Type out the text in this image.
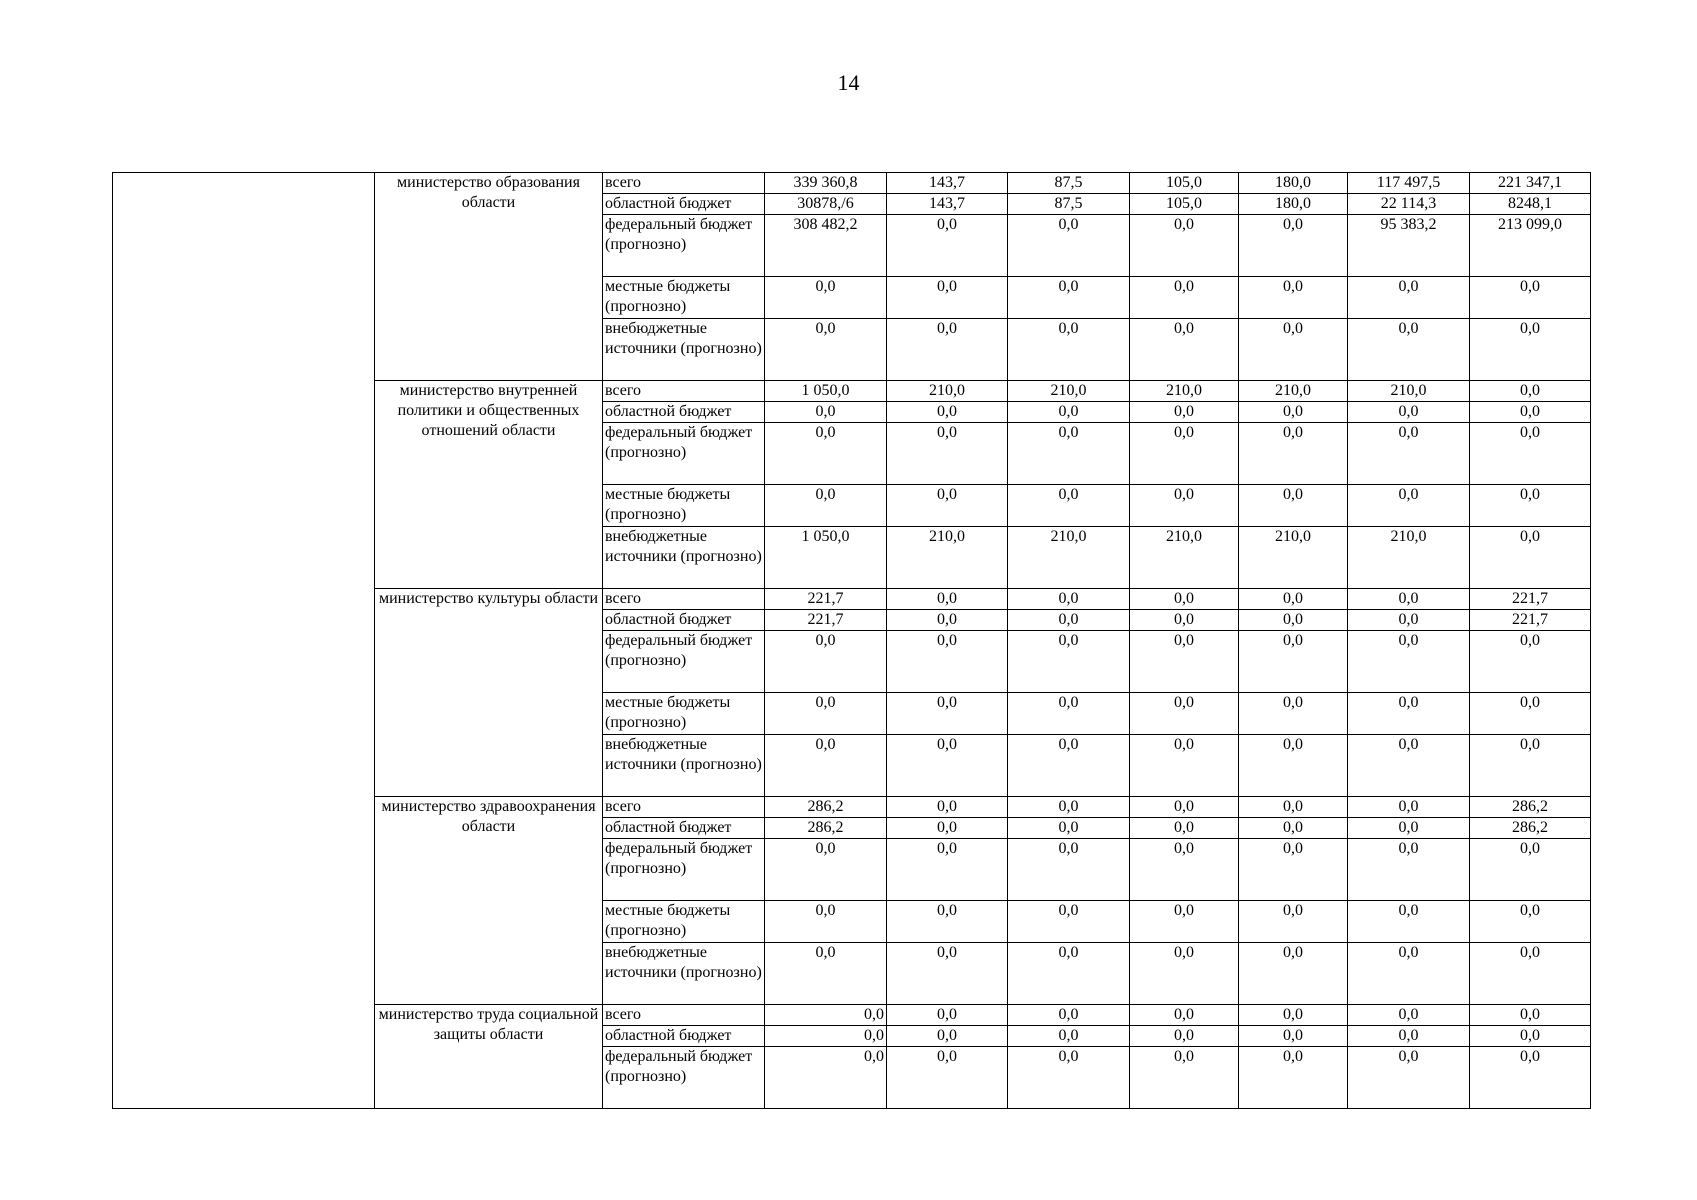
14
	министерство образования области	всего	339 360,8	143,7	87,5	105,0	180,0	117 497,5	221 347,1
		областной бюджет	30878,/6	143,7	87,5	105,0	180,0	22 114,3	8248,1
		федеральный бюджет (прогнозно)	308 482,2	0,0	0,0	0,0	0,0	95 383,2	213 099,0
		местные бюджеты (прогнозно)	0,0	0,0	0,0	0,0	0,0	0,0	0,0
		внебюджетные источники (прогнозно)	0,0	0,0	0,0	0,0	0,0	0,0	0,0
	министерство внутренней политики и общественных отношений области	всего	1 050,0	210,0	210,0	210,0	210,0	210,0	0,0
		областной бюджет	0,0	0,0	0,0	0,0	0,0	0,0	0,0
		федеральный бюджет (прогнозно)	0,0	0,0	0,0	0,0	0,0	0,0	0,0
		местные бюджеты (прогнозно)	0,0	0,0	0,0	0,0	0,0	0,0	0,0
		внебюджетные источники (прогнозно)	1 050,0	210,0	210,0	210,0	210,0	210,0	0,0
	министерство культуры области	всего	221,7	0,0	0,0	0,0	0,0	0,0	221,7
		областной бюджет	221,7	0,0	0,0	0,0	0,0	0,0	221,7
		федеральный бюджет (прогнозно)	0,0	0,0	0,0	0,0	0,0	0,0	0,0
		местные бюджеты (прогнозно)	0,0	0,0	0,0	0,0	0,0	0,0	0,0
		внебюджетные источники (прогнозно)	0,0	0,0	0,0	0,0	0,0	0,0	0,0
	министерство здравоохранения области	всего	286,2	0,0	0,0	0,0	0,0	0,0	286,2
		областной бюджет	286,2	0,0	0,0	0,0	0,0	0,0	286,2
		федеральный бюджет (прогнозно)	0,0	0,0	0,0	0,0	0,0	0,0	0,0
		местные бюджеты (прогнозно)	0,0	0,0	0,0	0,0	0,0	0,0	0,0
		внебюджетные источники (прогнозно)	0,0	0,0	0,0	0,0	0,0	0,0	0,0
	министерство труда социальной защиты области	всего	0,0	0,0	0,0	0,0	0,0	0,0	0,0
		областной бюджет	0,0	0,0	0,0	0,0	0,0	0,0	0,0
		федеральный бюджет (прогнозно)	0,0	0,0	0,0	0,0	0,0	0,0	0,0
